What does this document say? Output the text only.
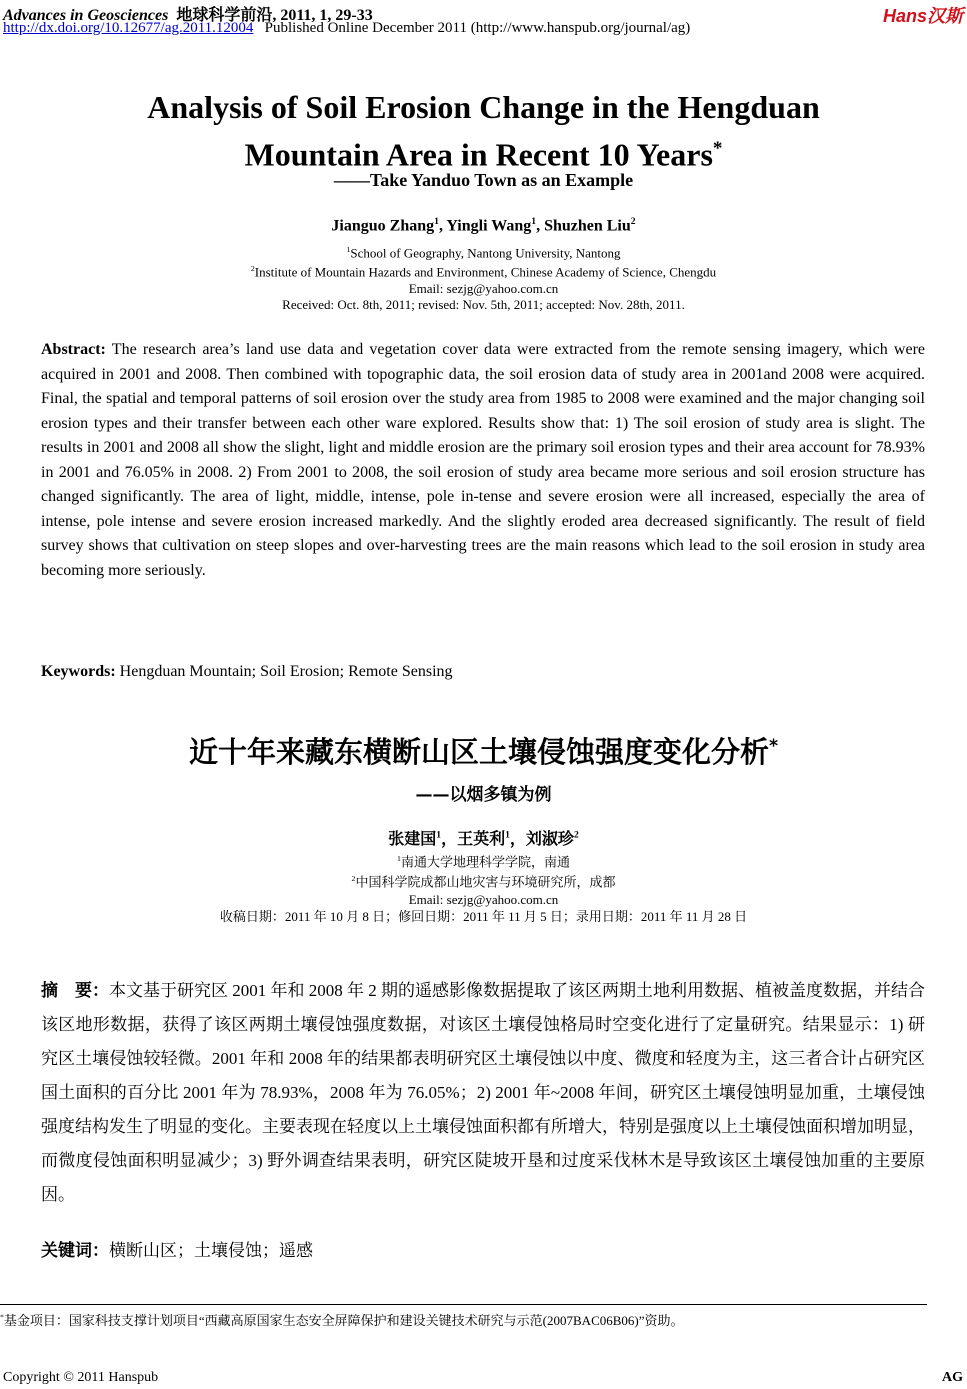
Advances in Geosciences 地球科学前沿, 2011, 1, 29-33
http://dx.doi.org/10.12677/ag.2011.12004 Published Online December 2011 (http://www.hanspub.org/journal/ag)
Hans汉斯
Analysis of Soil Erosion Change in the Hengduan
Mountain Area in Recent 10 Years*
——Take Yanduo Town as an Example
Jianguo Zhang$^1$, Yingli Wang$^1$, Shuzhen Liu$^2$
$^1$School of Geography, Nantong University, Nantong
$^2$Institute of Mountain Hazards and Environment, Chinese Academy of Science, Chengdu
Email: sezjg@yahoo.com.cn
Received: Oct. 8th, 2011; revised: Nov. 5th, 2011; accepted: Nov. 28th, 2011.
Abstract: The research area’s land use data and vegetation cover data were extracted from the remote sensing imagery, which were acquired in 2001 and 2008. Then combined with topographic data, the soil erosion data of study area in 2001and 2008 were acquired. Final, the spatial and temporal patterns of soil erosion over the study area from 1985 to 2008 were examined and the major changing soil erosion types and their transfer between each other ware explored. Results show that: 1) The soil erosion of study area is slight. The results in 2001 and 2008 all show the slight, light and middle erosion are the primary soil erosion types and their area account for 78.93% in 2001 and 76.05% in 2008. 2) From 2001 to 2008, the soil erosion of study area became more serious and soil erosion structure has changed significantly. The area of light, middle, intense, pole in-tense and severe erosion were all increased, especially the area of intense, pole intense and severe erosion increased markedly. And the slightly eroded area decreased significantly. The result of field survey shows that cultivation on steep slopes and over-harvesting trees are the main reasons which lead to the soil erosion in study area becoming more seriously.
Keywords: Hengduan Mountain; Soil Erosion; Remote Sensing
近十年来藏东横断山区土壤侵蚀强度变化分析*
——以烟多镇为例
张建国$^1$，王英利$^1$，刘淑珍$^2$
$^1$南通大学地理科学学院，南通
$^2$中国科学院成都山地灾害与环境研究所，成都
Email: sezjg@yahoo.com.cn
收稿日期：2011 年 10 月 8 日；修回日期：2011 年 11 月 5 日；录用日期：2011 年 11 月 28 日
摘　要：本文基于研究区 2001 年和 2008 年 2 期的遥感影像数据提取了该区两期土地利用数据、植被盖度数据，并结合该区地形数据，获得了该区两期土壤侵蚀强度数据，对该区土壤侵蚀格局时空变化进行了定量研究。结果显示：1) 研究区土壤侵蚀较轻微。2001 年和 2008 年的结果都表明研究区土壤侵蚀以中度、微度和轻度为主，这三者合计占研究区国土面积的百分比 2001 年为 78.93%，2008 年为 76.05%；2) 2001 年~2008 年间，研究区土壤侵蚀明显加重，土壤侵蚀强度结构发生了明显的变化。主要表现在轻度以上土壤侵蚀面积都有所增大，特别是强度以上土壤侵蚀面积增加明显，而微度侵蚀面积明显减少；3) 野外调查结果表明，研究区陡坡开垦和过度采伐林木是导致该区土壤侵蚀加重的主要原因。
关键词：横断山区；土壤侵蚀；遥感
*基金项目：国家科技支撑计划项目“西藏高原国家生态安全屏障保护和建设关键技术研究与示范(2007BAC06B06)”资助。
Copyright © 2011 Hanspub	AG
